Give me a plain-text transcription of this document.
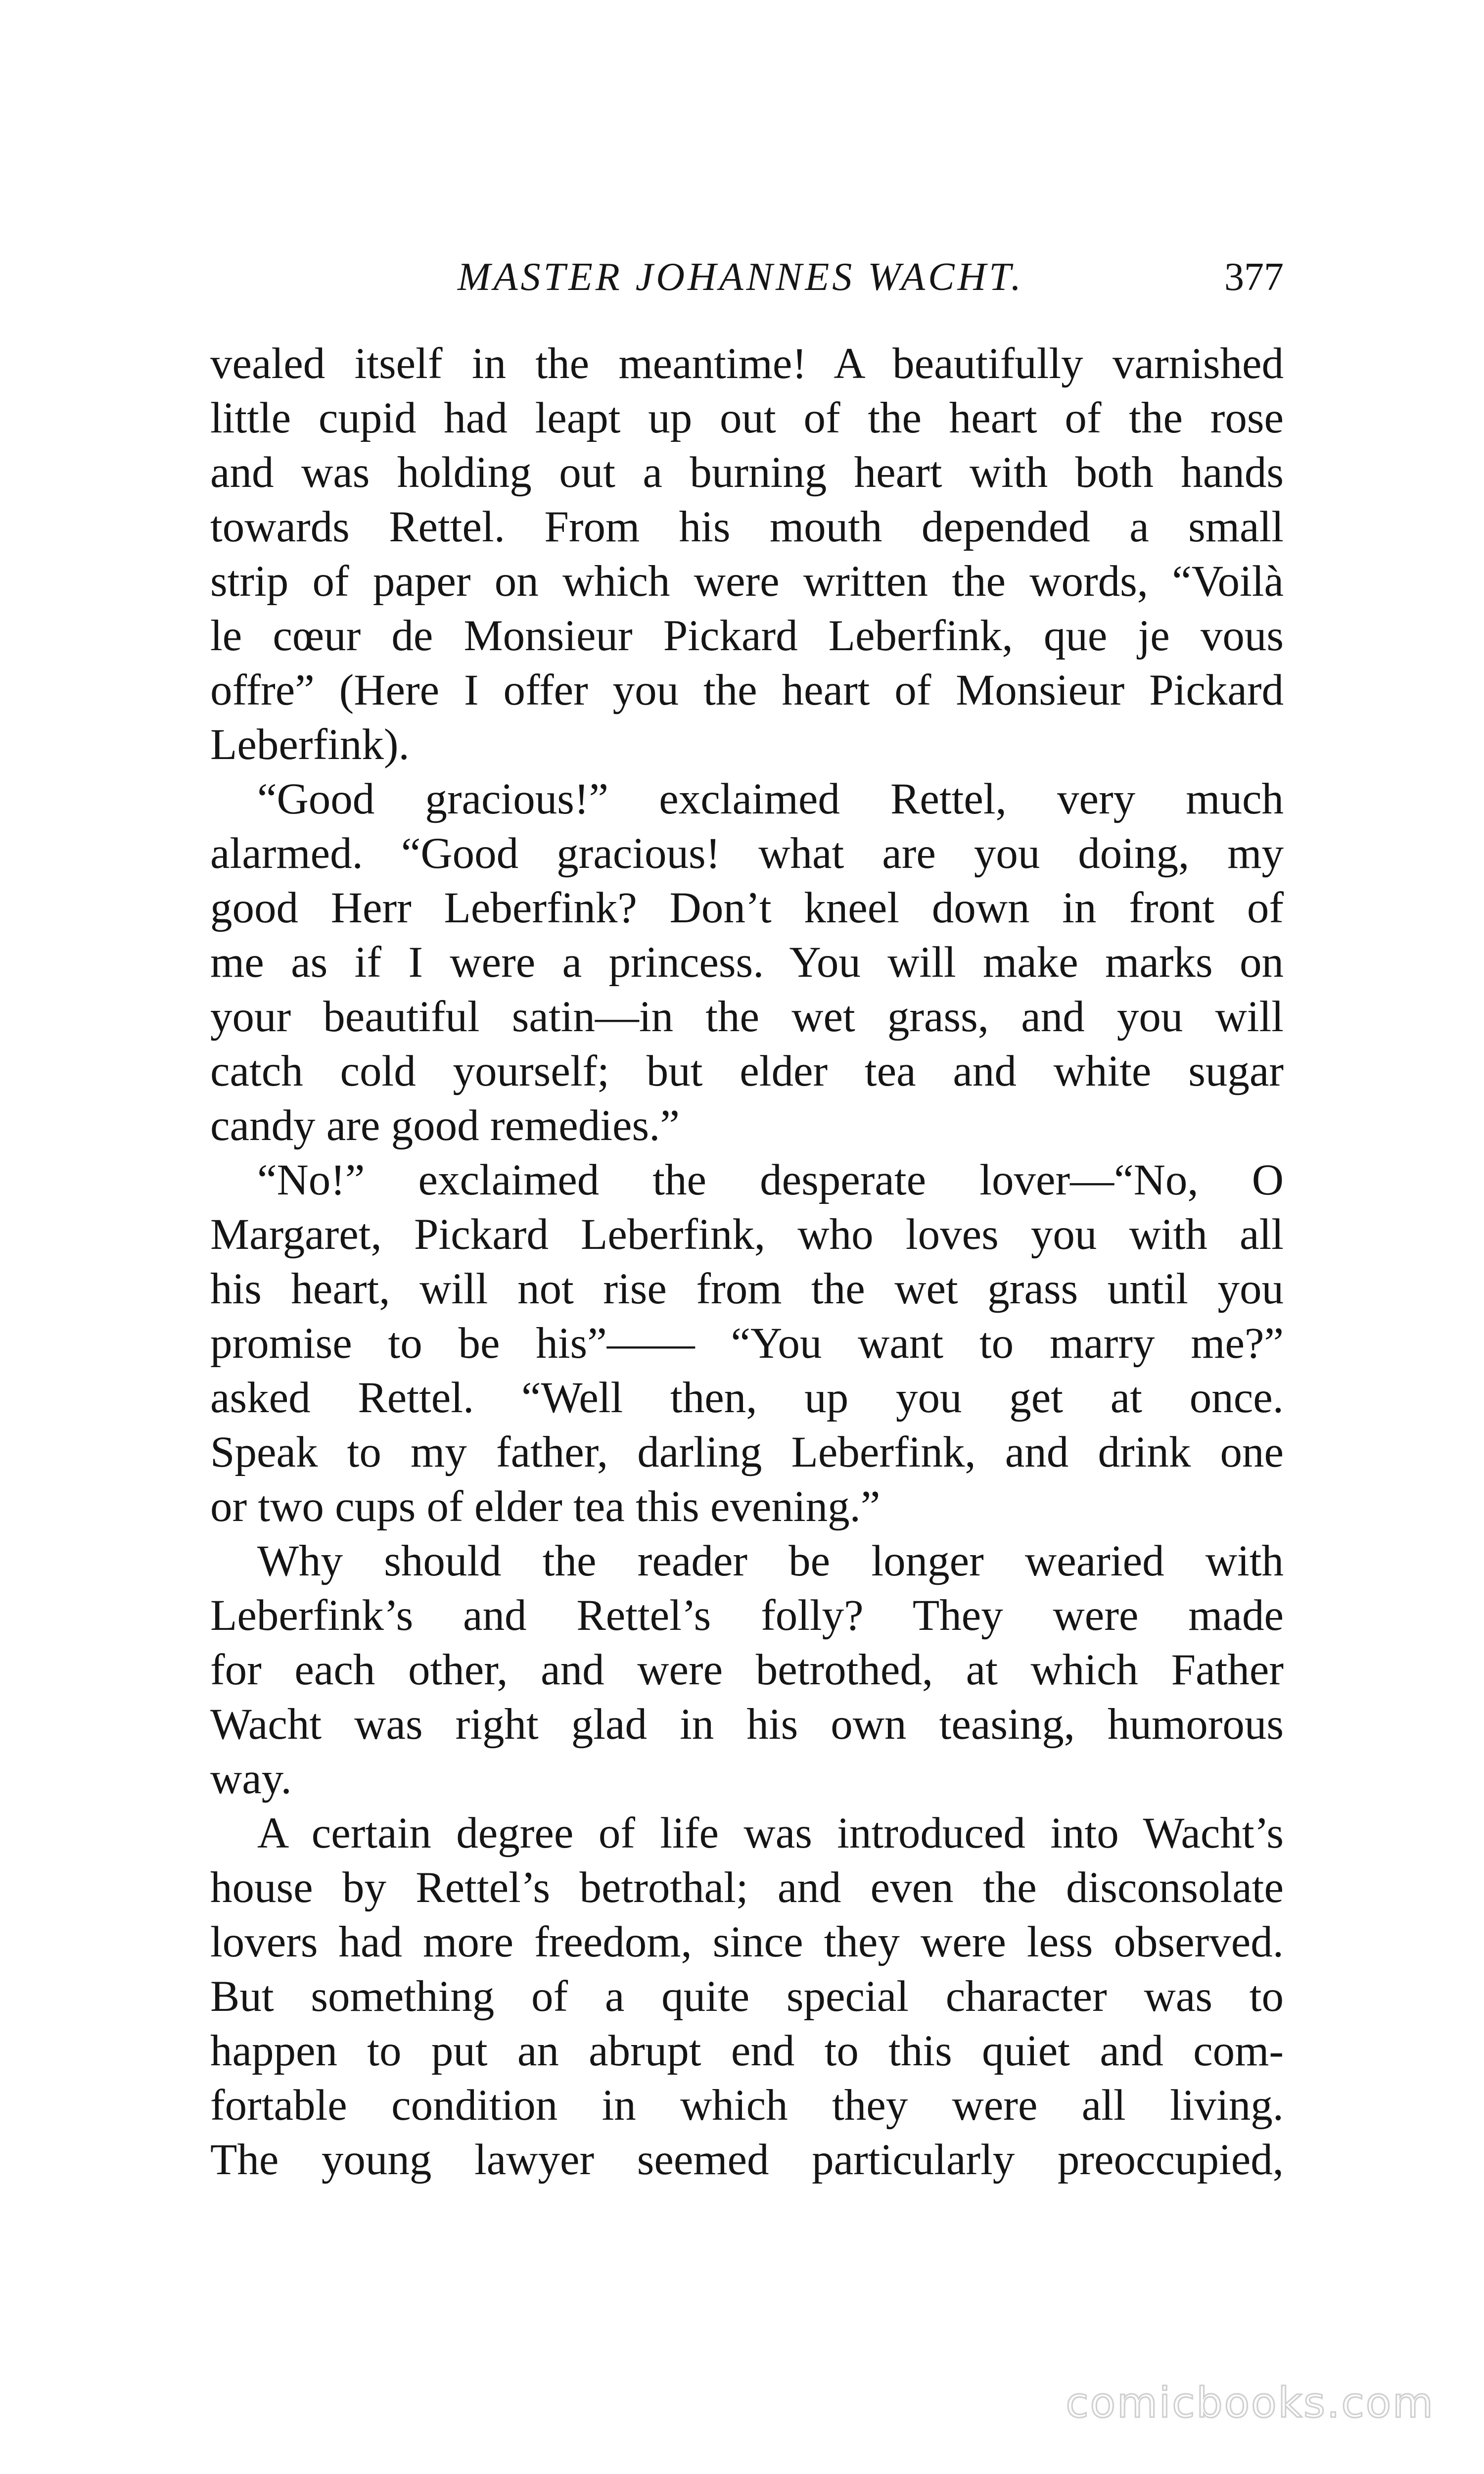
MASTER JOHANNES WACHT.	377
vealed itself in the meantime! A beautifully varnished
little cupid had leapt up out of the heart of the rose
and was holding out a burning heart with both hands
towards Rettel. From his mouth depended a small
strip of paper on which were written the words, “Voilà
le cœur de Monsieur Pickard Leberfink, que je vous
offre” (Here I offer you the heart of Monsieur Pickard
Leberfink).
“Good gracious!” exclaimed Rettel, very much
alarmed. “Good gracious! what are you doing, my
good Herr Leberfink? Don’t kneel down in front of
me as if I were a princess. You will make marks on
your beautiful satin—in the wet grass, and you will
catch cold yourself; but elder tea and white sugar
candy are good remedies.”
“No!” exclaimed the desperate lover—“No, O
Margaret, Pickard Leberfink, who loves you with all
his heart, will not rise from the wet grass until you
promise to be his”—— “You want to marry me?”
asked Rettel. “Well then, up you get at once.
Speak to my father, darling Leberfink, and drink one
or two cups of elder tea this evening.”
Why should the reader be longer wearied with
Leberfink’s and Rettel’s folly? They were made
for each other, and were betrothed, at which Father
Wacht was right glad in his own teasing, humorous
way.
A certain degree of life was introduced into Wacht’s
house by Rettel’s betrothal; and even the disconsolate
lovers had more freedom, since they were less observed.
But something of a quite special character was to
happen to put an abrupt end to this quiet and com-
fortable condition in which they were all living.
The young lawyer seemed particularly preoccupied,
comicbooks.com
